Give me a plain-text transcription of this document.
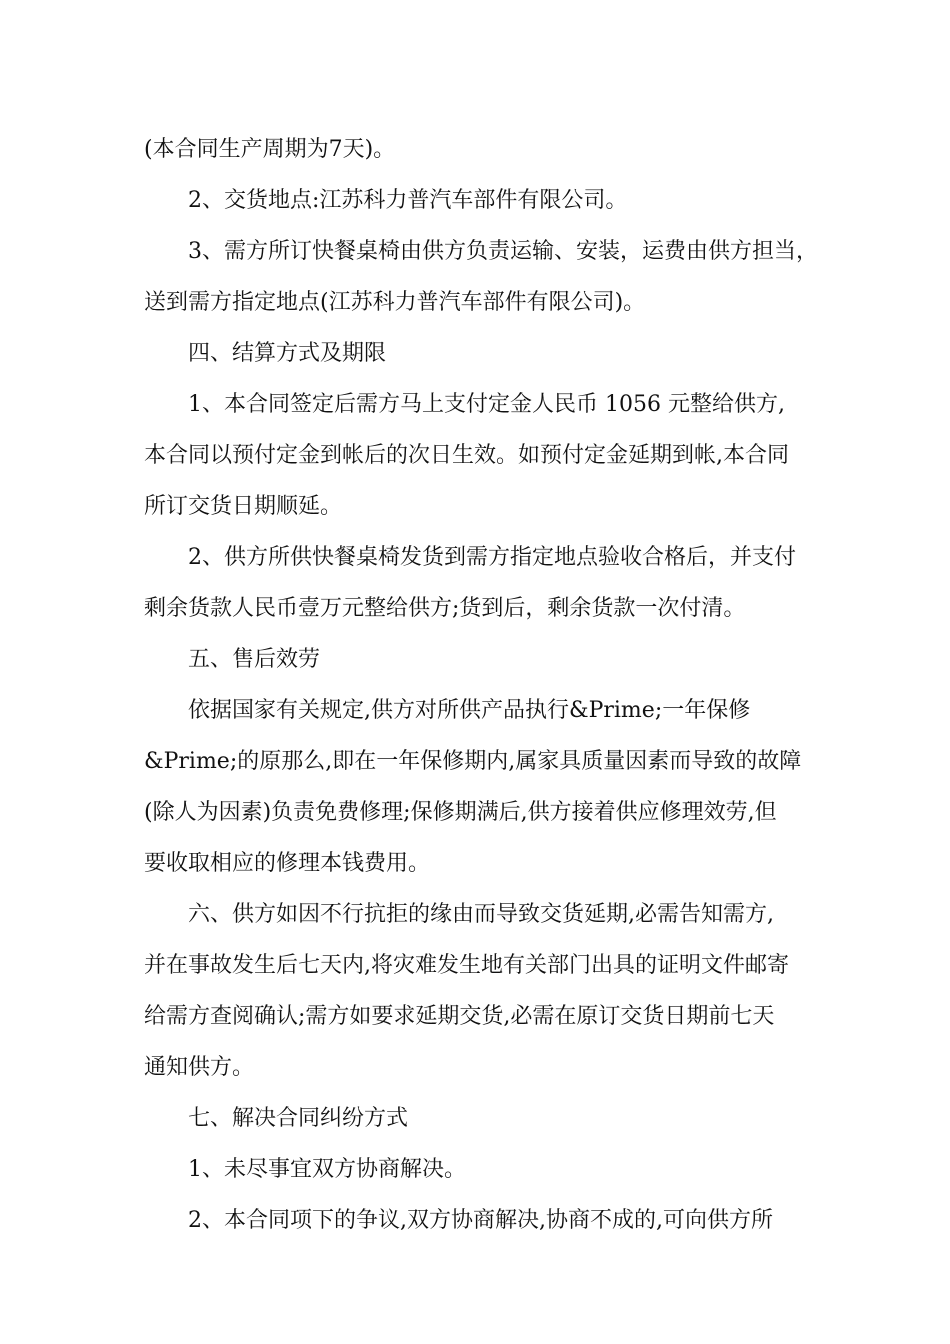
(本合同生产周期为7天)。
2、交货地点:江苏科力普汽车部件有限公司。
3、需方所订快餐桌椅由供方负责运输、安装，运费由供方担当，
送到需方指定地点(江苏科力普汽车部件有限公司)。
四、结算方式及期限
1、本合同签定后需方马上支付定金人民币 1056 元整给供方,
本合同以预付定金到帐后的次日生效。如预付定金延期到帐,本合同
所订交货日期顺延。
2、供方所供快餐桌椅发货到需方指定地点验收合格后，并支付
剩余货款人民币壹万元整给供方;货到后，剩余货款一次付清。
五、售后效劳
依据国家有关规定,供方对所供产品执行&Prime;一年保修
&Prime;的原那么,即在一年保修期内,属家具质量因素而导致的故障
(除人为因素)负责免费修理;保修期满后,供方接着供应修理效劳,但
要收取相应的修理本钱费用。
六、供方如因不行抗拒的缘由而导致交货延期,必需告知需方,
并在事故发生后七天内,将灾难发生地有关部门出具的证明文件邮寄
给需方查阅确认;需方如要求延期交货,必需在原订交货日期前七天
通知供方。
七、解决合同纠纷方式
1、未尽事宜双方协商解决。
2、本合同项下的争议,双方协商解决,协商不成的,可向供方所
